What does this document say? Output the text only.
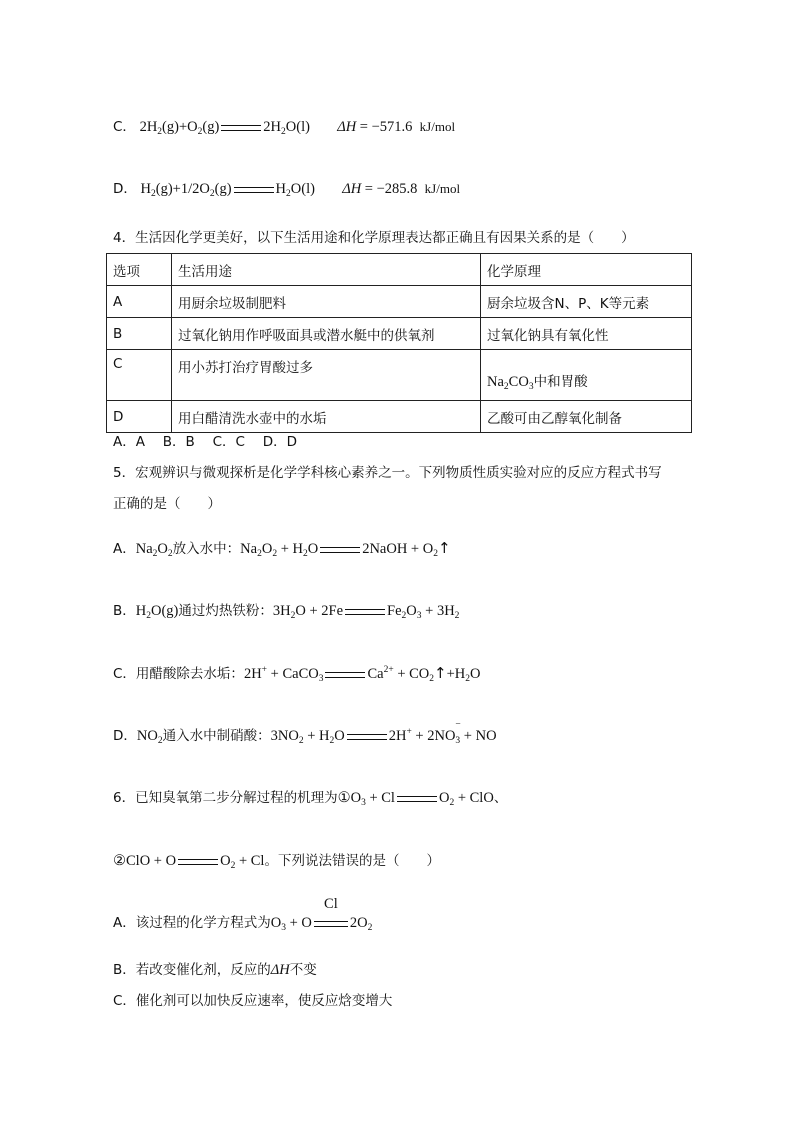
C． $2H_2(g)+O_2(g)$	$2H_2O(l) \Delta H = -571.6$ kJ/mol
D． $H_2(g)+1/2O_2(g)$	$H_2O(l) \Delta H = -285.8$ kJ/mol
4．生活因化学更美好，以下生活用途和化学原理表达都正确且有因果关系的是（　　）
选项	生活用途	化学原理
A	用厨余垃圾制肥料	厨余垃圾含N、P、K等元素
B	过氧化钠用作呼吸面具或潜水艇中的供氧剂	过氧化钠具有氧化性
C	用小苏打治疗胃酸过多	$Na_2CO_3$中和胃酸
D	用白醋清洗水壶中的水垢	乙酸可由乙醇氧化制备
A．A　 B．B　 C．C　 D．D
5．宏观辨识与微观探析是化学学科核心素养之一。下列物质性质实验对应的反应方程式书写
正确的是（　　）
A．$Na_2O_2$放入水中：$Na_2O_2 + H_2O$	2NaOH + $O_2↑$
B．$H_2O(g)$通过灼热铁粉：$3H_2O + 2Fe$	$Fe_2O_3 + 3H_2$
C．用醋酸除去水垢：2H+ + CaCO$_3$	$Ca^{2+}$ + $CO_2↑+H_2O$
D．$NO_2$通入水中制硝酸：$3NO_2 + H_2O$	2H+ + 2NO
$_{- 3}$ + NO
6．已知臭氧第二步分解过程的机理为$①O_3 + Cl$	$O_2$ + ClO、
②ClO + O	$O_2 + Cl$。下列说法错误的是（　　）
A．该过程的化学方程式为$O_3 + O$
Cl
$2O_2$
B．若改变催化剂，反应的ΔH不变
C．催化剂可以加快反应速率，使反应焓变增大
